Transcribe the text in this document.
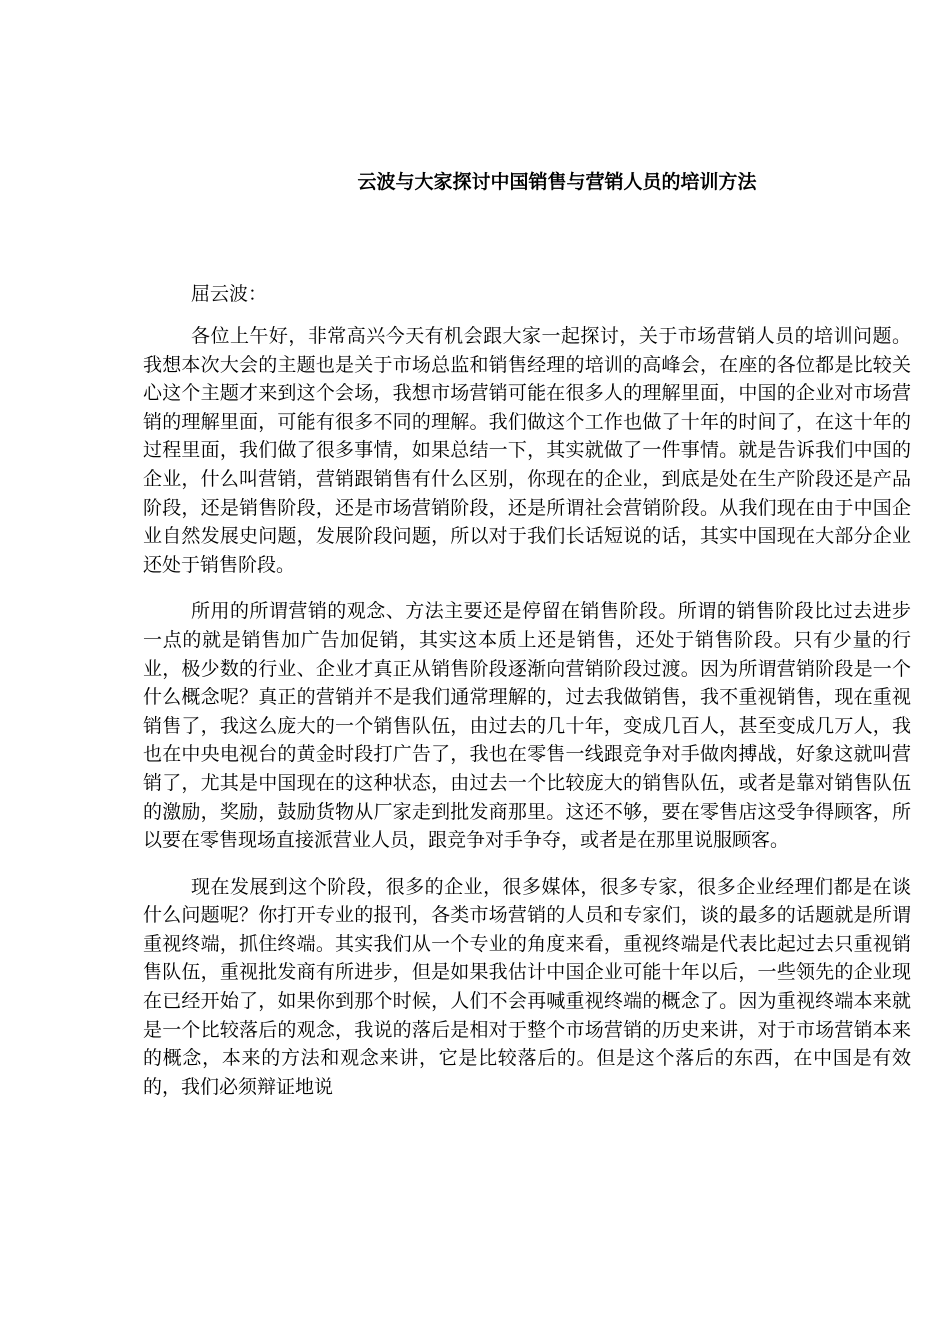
云波与大家探讨中国销售与营销人员的培训方法
屈云波：

各位上午好，非常高兴今天有机会跟大家一起探讨，关于市场营销人员的培训问题。我想本次大会的主题也是关于市场总监和销售经理的培训的高峰会，在座的各位都是比较关心这个主题才来到这个会场，我想市场营销可能在很多人的理解里面，中国的企业对市场营销的理解里面，可能有很多不同的理解。我们做这个工作也做了十年的时间了，在这十年的过程里面，我们做了很多事情，如果总结一下，其实就做了一件事情。就是告诉我们中国的企业，什么叫营销，营销跟销售有什么区别，你现在的企业，到底是处在生产阶段还是产品阶段，还是销售阶段，还是市场营销阶段，还是所谓社会营销阶段。从我们现在由于中国企业自然发展史问题，发展阶段问题，所以对于我们长话短说的话，其实中国现在大部分企业还处于销售阶段。

所用的所谓营销的观念、方法主要还是停留在销售阶段。所谓的销售阶段比过去进步一点的就是销售加广告加促销，其实这本质上还是销售，还处于销售阶段。只有少量的行业，极少数的行业、企业才真正从销售阶段逐渐向营销阶段过渡。因为所谓营销阶段是一个什么概念呢？真正的营销并不是我们通常理解的，过去我做销售，我不重视销售，现在重视销售了，我这么庞大的一个销售队伍，由过去的几十年，变成几百人，甚至变成几万人，我也在中央电视台的黄金时段打广告了，我也在零售一线跟竞争对手做肉搏战，好象这就叫营销了，尤其是中国现在的这种状态，由过去一个比较庞大的销售队伍，或者是靠对销售队伍的激励，奖励，鼓励货物从厂家走到批发商那里。这还不够，要在零售店这受争得顾客，所以要在零售现场直接派营业人员，跟竞争对手争夺，或者是在那里说服顾客。

现在发展到这个阶段，很多的企业，很多媒体，很多专家，很多企业经理们都是在谈什么问题呢？你打开专业的报刊，各类市场营销的人员和专家们，谈的最多的话题就是所谓重视终端，抓住终端。其实我们从一个专业的角度来看，重视终端是代表比起过去只重视销售队伍，重视批发商有所进步，但是如果我估计中国企业可能十年以后，一些领先的企业现在已经开始了，如果你到那个时候，人们不会再喊重视终端的概念了。因为重视终端本来就是一个比较落后的观念，我说的落后是相对于整个市场营销的历史来讲，对于市场营销本来的概念，本来的方法和观念来讲，它是比较落后的。但是这个落后的东西，在中国是有效的，我们必须辩证地说
